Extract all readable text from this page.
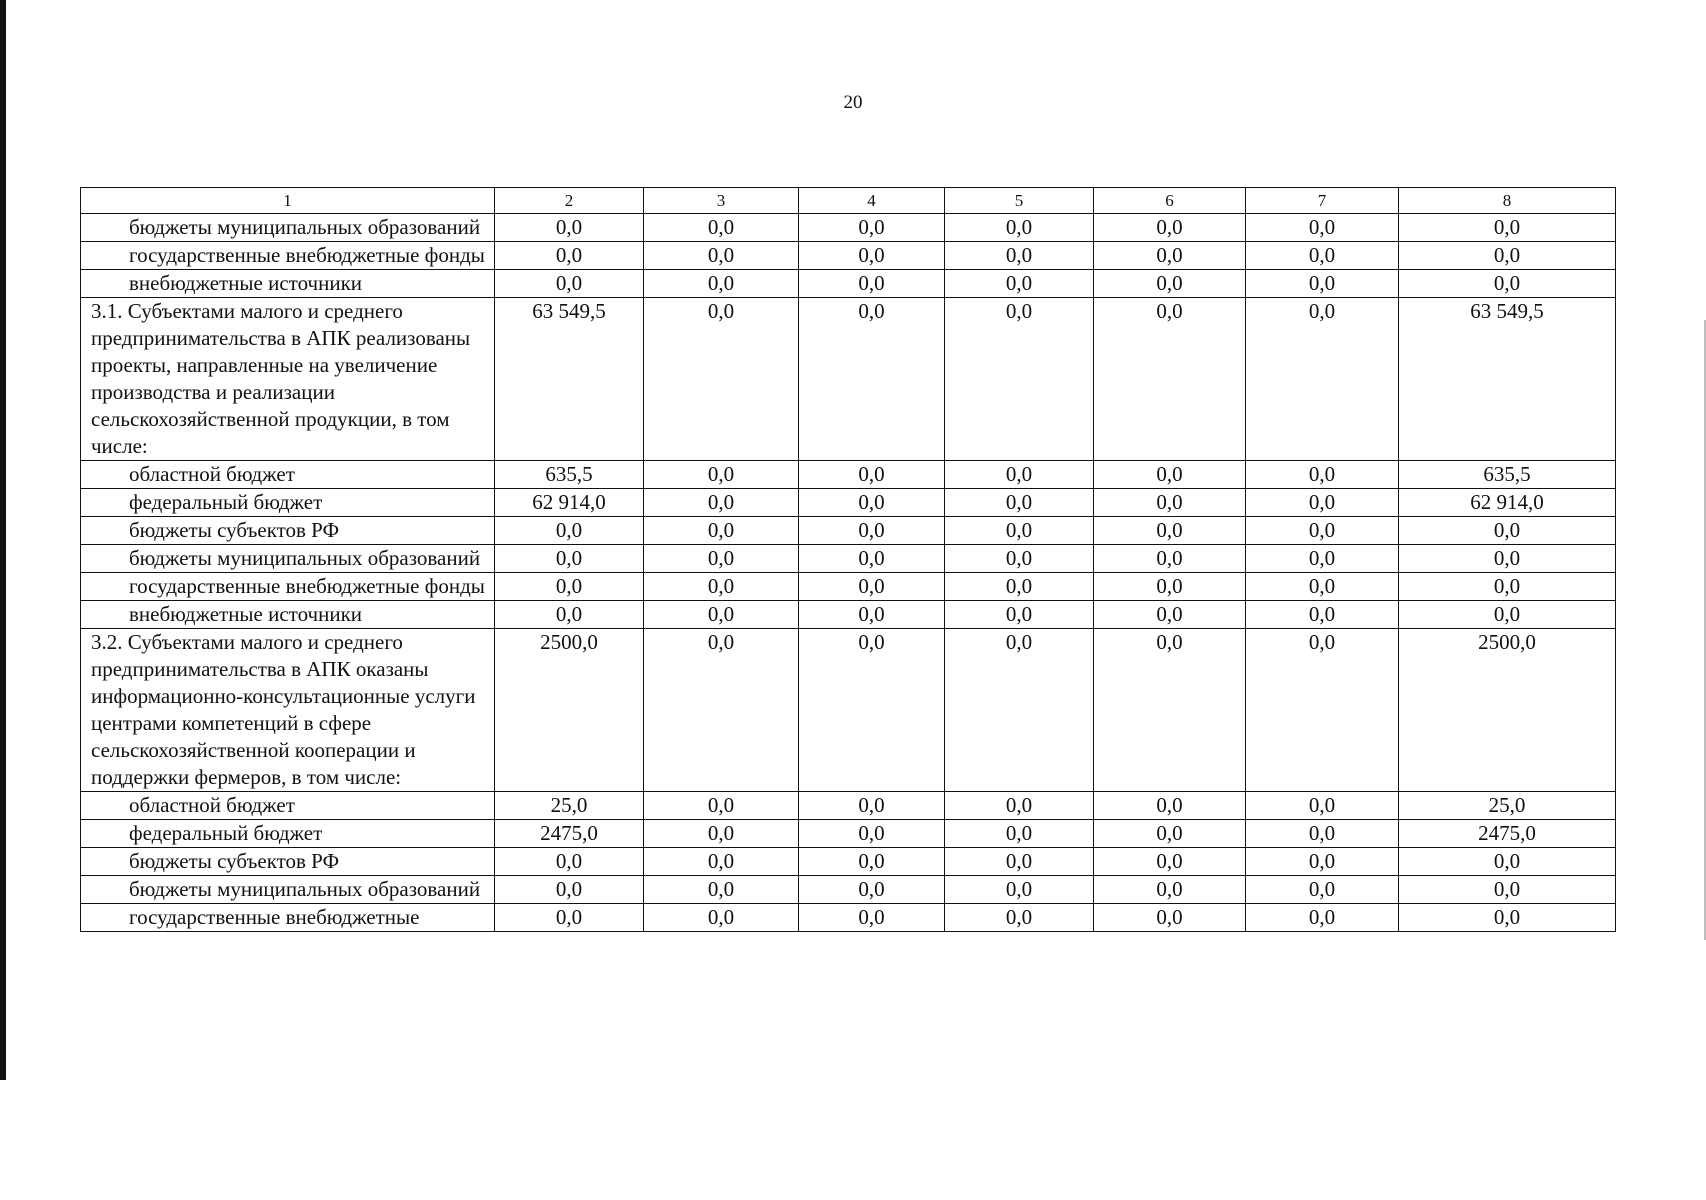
20
1	2	3	4	5	6	7	8
бюджеты муниципальных образований	0,0	0,0	0,0	0,0	0,0	0,0	0,0
государственные внебюджетные фонды	0,0	0,0	0,0	0,0	0,0	0,0	0,0
внебюджетные источники	0,0	0,0	0,0	0,0	0,0	0,0	0,0
3.1. Субъектами малого и среднего предпринимательства в АПК реализованы проекты, направленные на увеличение производства и реализации сельскохозяйственной продукции, в том числе:	63 549,5	0,0	0,0	0,0	0,0	0,0	63 549,5
областной бюджет	635,5	0,0	0,0	0,0	0,0	0,0	635,5
федеральный бюджет	62 914,0	0,0	0,0	0,0	0,0	0,0	62 914,0
бюджеты субъектов РФ	0,0	0,0	0,0	0,0	0,0	0,0	0,0
бюджеты муниципальных образований	0,0	0,0	0,0	0,0	0,0	0,0	0,0
государственные внебюджетные фонды	0,0	0,0	0,0	0,0	0,0	0,0	0,0
внебюджетные источники	0,0	0,0	0,0	0,0	0,0	0,0	0,0
3.2. Субъектами малого и среднего предпринимательства в АПК оказаны информационно-консультационные услуги центрами компетенций в сфере сельскохозяйственной кооперации и поддержки фермеров, в том числе:	2500,0	0,0	0,0	0,0	0,0	0,0	2500,0
областной бюджет	25,0	0,0	0,0	0,0	0,0	0,0	25,0
федеральный бюджет	2475,0	0,0	0,0	0,0	0,0	0,0	2475,0
бюджеты субъектов РФ	0,0	0,0	0,0	0,0	0,0	0,0	0,0
бюджеты муниципальных образований	0,0	0,0	0,0	0,0	0,0	0,0	0,0
государственные внебюджетные	0,0	0,0	0,0	0,0	0,0	0,0	0,0
